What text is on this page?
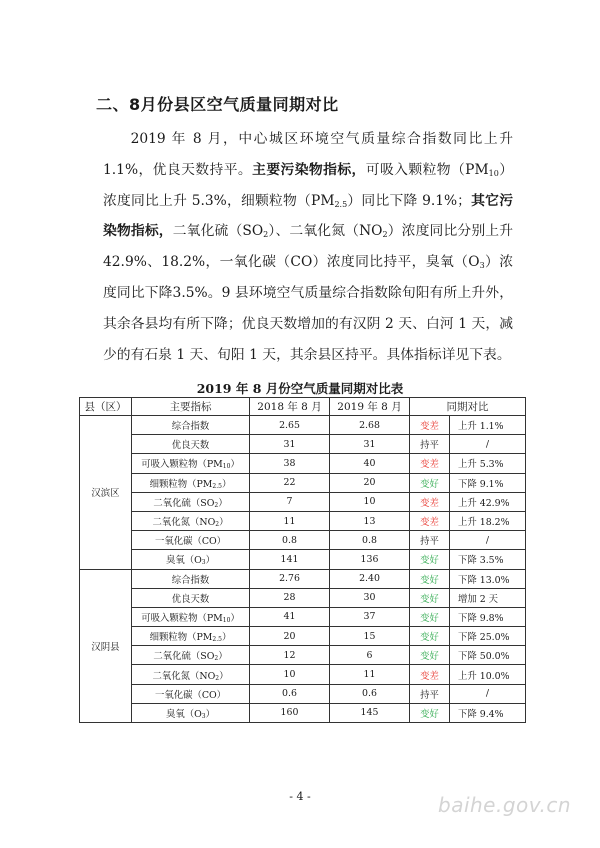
二、8月份县区空气质量同期对比
  2019 年 8 月，中心城区环境空气质量综合指数同比上升1.1%，优良天数持平。主要污染物指标，可吸入颗粒物$(PM_{10})$浓度同比上升 5.3%，细颗粒物$(PM_{2.5})$同比下降 9.1%；其它污染物指标，二氧化硫$(SO_2)$、二氧化氮$(NO_2)$浓度同比分别上升 42.9%、18.2%，一氧化碳（CO）浓度同比持平，臭氧$(O_3)$浓度同比下降3.5%。9 县环境空气质量综合指数除旬阳有所上升外，其余各县均有所下降；优良天数增加的有汉阴 2 天、白河 1 天，减少的有石泉 1 天、旬阳 1 天，其余县区持平。具体指标详见下表。
2019 年 8 月份空气质量同期对比表
县（区）	主要指标	2018 年 8 月	2019 年 8 月	同期对比	
汉滨区	综合指数	2.65	2.68	变差	上升 1.1%
	优良天数	31	31	持平	/
	可吸入颗粒物$(PM_{10})$	38	40	变差	上升 5.3%
	细颗粒物$(PM_{2.5})$	22	20	变好	下降 9.1%
	二氧化硫$(SO_2)$	7	10	变差	上升 42.9%
	二氧化氮$(NO_2)$	11	13	变差	上升 18.2%
	一氧化碳（CO）	0.8	0.8	持平	/
	臭氧$(O_3)$	141	136	变好	下降 3.5%
汉阴县	综合指数	2.76	2.40	变好	下降 13.0%
	优良天数	28	30	变好	增加 2 天
	可吸入颗粒物$(PM_{10})$	41	37	变好	下降 9.8%
	细颗粒物$(PM_{2.5})$	20	15	变好	下降 25.0%
	二氧化硫$(SO_2)$	12	6	变好	下降 50.0%
	二氧化氮$(NO_2)$	10	11	变差	上升 10.0%
	一氧化碳（CO）	0.6	0.6	持平	/
	臭氧$(O_3)$	160	145	变好	下降 9.4%
- 4 -	baihe.gov.cn
